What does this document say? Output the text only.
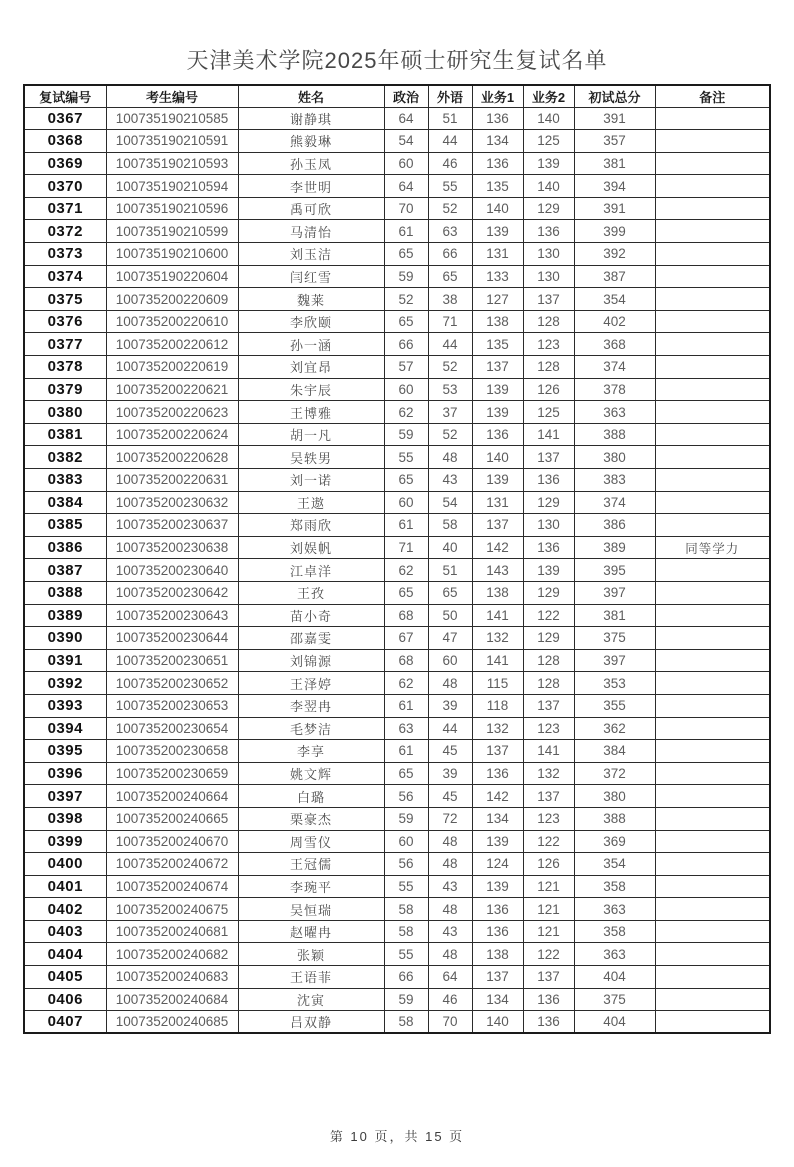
天津美术学院2025年硕士研究生复试名单
复试编号	考生编号	姓名	政治	外语	业务1	业务2	初试总分	备注
0367	100735190210585	谢静琪	64	51	136	140	391	
0368	100735190210591	熊毅琳	54	44	134	125	357	
0369	100735190210593	孙玉凤	60	46	136	139	381	
0370	100735190210594	李世明	64	55	135	140	394	
0371	100735190210596	禹可欣	70	52	140	129	391	
0372	100735190210599	马清怡	61	63	139	136	399	
0373	100735190210600	刘玉洁	65	66	131	130	392	
0374	100735190220604	闫红雪	59	65	133	130	387	
0375	100735200220609	魏莱	52	38	127	137	354	
0376	100735200220610	李欣颐	65	71	138	128	402	
0377	100735200220612	孙一涵	66	44	135	123	368	
0378	100735200220619	刘宜昂	57	52	137	128	374	
0379	100735200220621	朱宇辰	60	53	139	126	378	
0380	100735200220623	王博雅	62	37	139	125	363	
0381	100735200220624	胡一凡	59	52	136	141	388	
0382	100735200220628	吴轶男	55	48	140	137	380	
0383	100735200220631	刘一诺	65	43	139	136	383	
0384	100735200230632	王遨	60	54	131	129	374	
0385	100735200230637	郑雨欣	61	58	137	130	386	
0386	100735200230638	刘娱帆	71	40	142	136	389	同等学力
0387	100735200230640	江卓洋	62	51	143	139	395	
0388	100735200230642	王孜	65	65	138	129	397	
0389	100735200230643	苗小奇	68	50	141	122	381	
0390	100735200230644	邵嘉雯	67	47	132	129	375	
0391	100735200230651	刘锦源	68	60	141	128	397	
0392	100735200230652	王泽婷	62	48	115	128	353	
0393	100735200230653	李翌冉	61	39	118	137	355	
0394	100735200230654	毛梦洁	63	44	132	123	362	
0395	100735200230658	李享	61	45	137	141	384	
0396	100735200230659	姚文辉	65	39	136	132	372	
0397	100735200240664	白璐	56	45	142	137	380	
0398	100735200240665	栗豪杰	59	72	134	123	388	
0399	100735200240670	周雪仪	60	48	139	122	369	
0400	100735200240672	王冠儒	56	48	124	126	354	
0401	100735200240674	李琬平	55	43	139	121	358	
0402	100735200240675	吴恒瑞	58	48	136	121	363	
0403	100735200240681	赵曜冉	58	43	136	121	358	
0404	100735200240682	张颖	55	48	138	122	363	
0405	100735200240683	王语菲	66	64	137	137	404	
0406	100735200240684	沈寅	59	46	134	136	375	
0407	100735200240685	吕双静	58	70	140	136	404	
第 10 页，共 15 页
